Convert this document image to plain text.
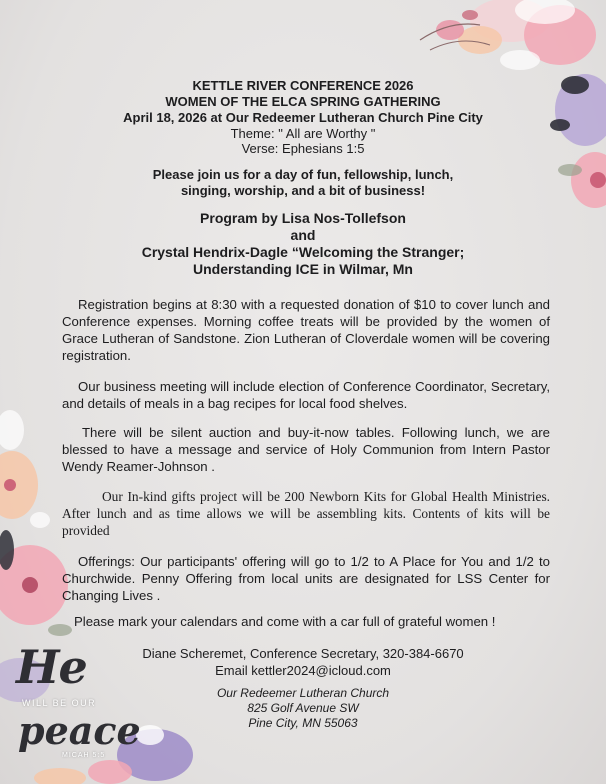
He
WILL BE OUR
peace
MICAH 5:5
KETTLE RIVER CONFERENCE 2026
WOMEN OF THE ELCA SPRING GATHERING
April 18, 2026 at Our Redeemer Lutheran Church Pine City
Theme: " All are Worthy "
Verse: Ephesians 1:5
Please join us for a day of fun, fellowship, lunch,
singing, worship, and a bit of business!
Program by Lisa Nos-Tollefson
and
Crystal Hendrix-Dagle “Welcoming the Stranger;
Understanding ICE in Wilmar, Mn
Registration begins at 8:30 with a requested donation of $10 to cover lunch and Conference expenses. Morning coffee treats will be provided by the women of Grace Lutheran of Sandstone. Zion Lutheran of Cloverdale women will be covering registration.
Our business meeting will include election of Conference Coordinator, Secretary, and details of meals in a bag recipes for local food shelves.
There will be silent auction and buy-it-now tables. Following lunch, we are blessed to have a message and service of Holy Communion from Intern Pastor Wendy Reamer-Johnson .
Our In-kind gifts project will be 200 Newborn Kits for Global Health Ministries. After lunch and as time allows we will be assembling kits. Contents of kits will be provided
Offerings: Our participants' offering will go to 1/2 to A Place for You and 1/2 to Churchwide. Penny Offering from local units are designated for LSS Center for Changing Lives .
Please mark your calendars and come with a car full of grateful women !
Diane Scheremet, Conference Secretary, 320-384-6670
Email kettler2024@icloud.com
Our Redeemer Lutheran Church
825 Golf Avenue SW
Pine City, MN 55063
